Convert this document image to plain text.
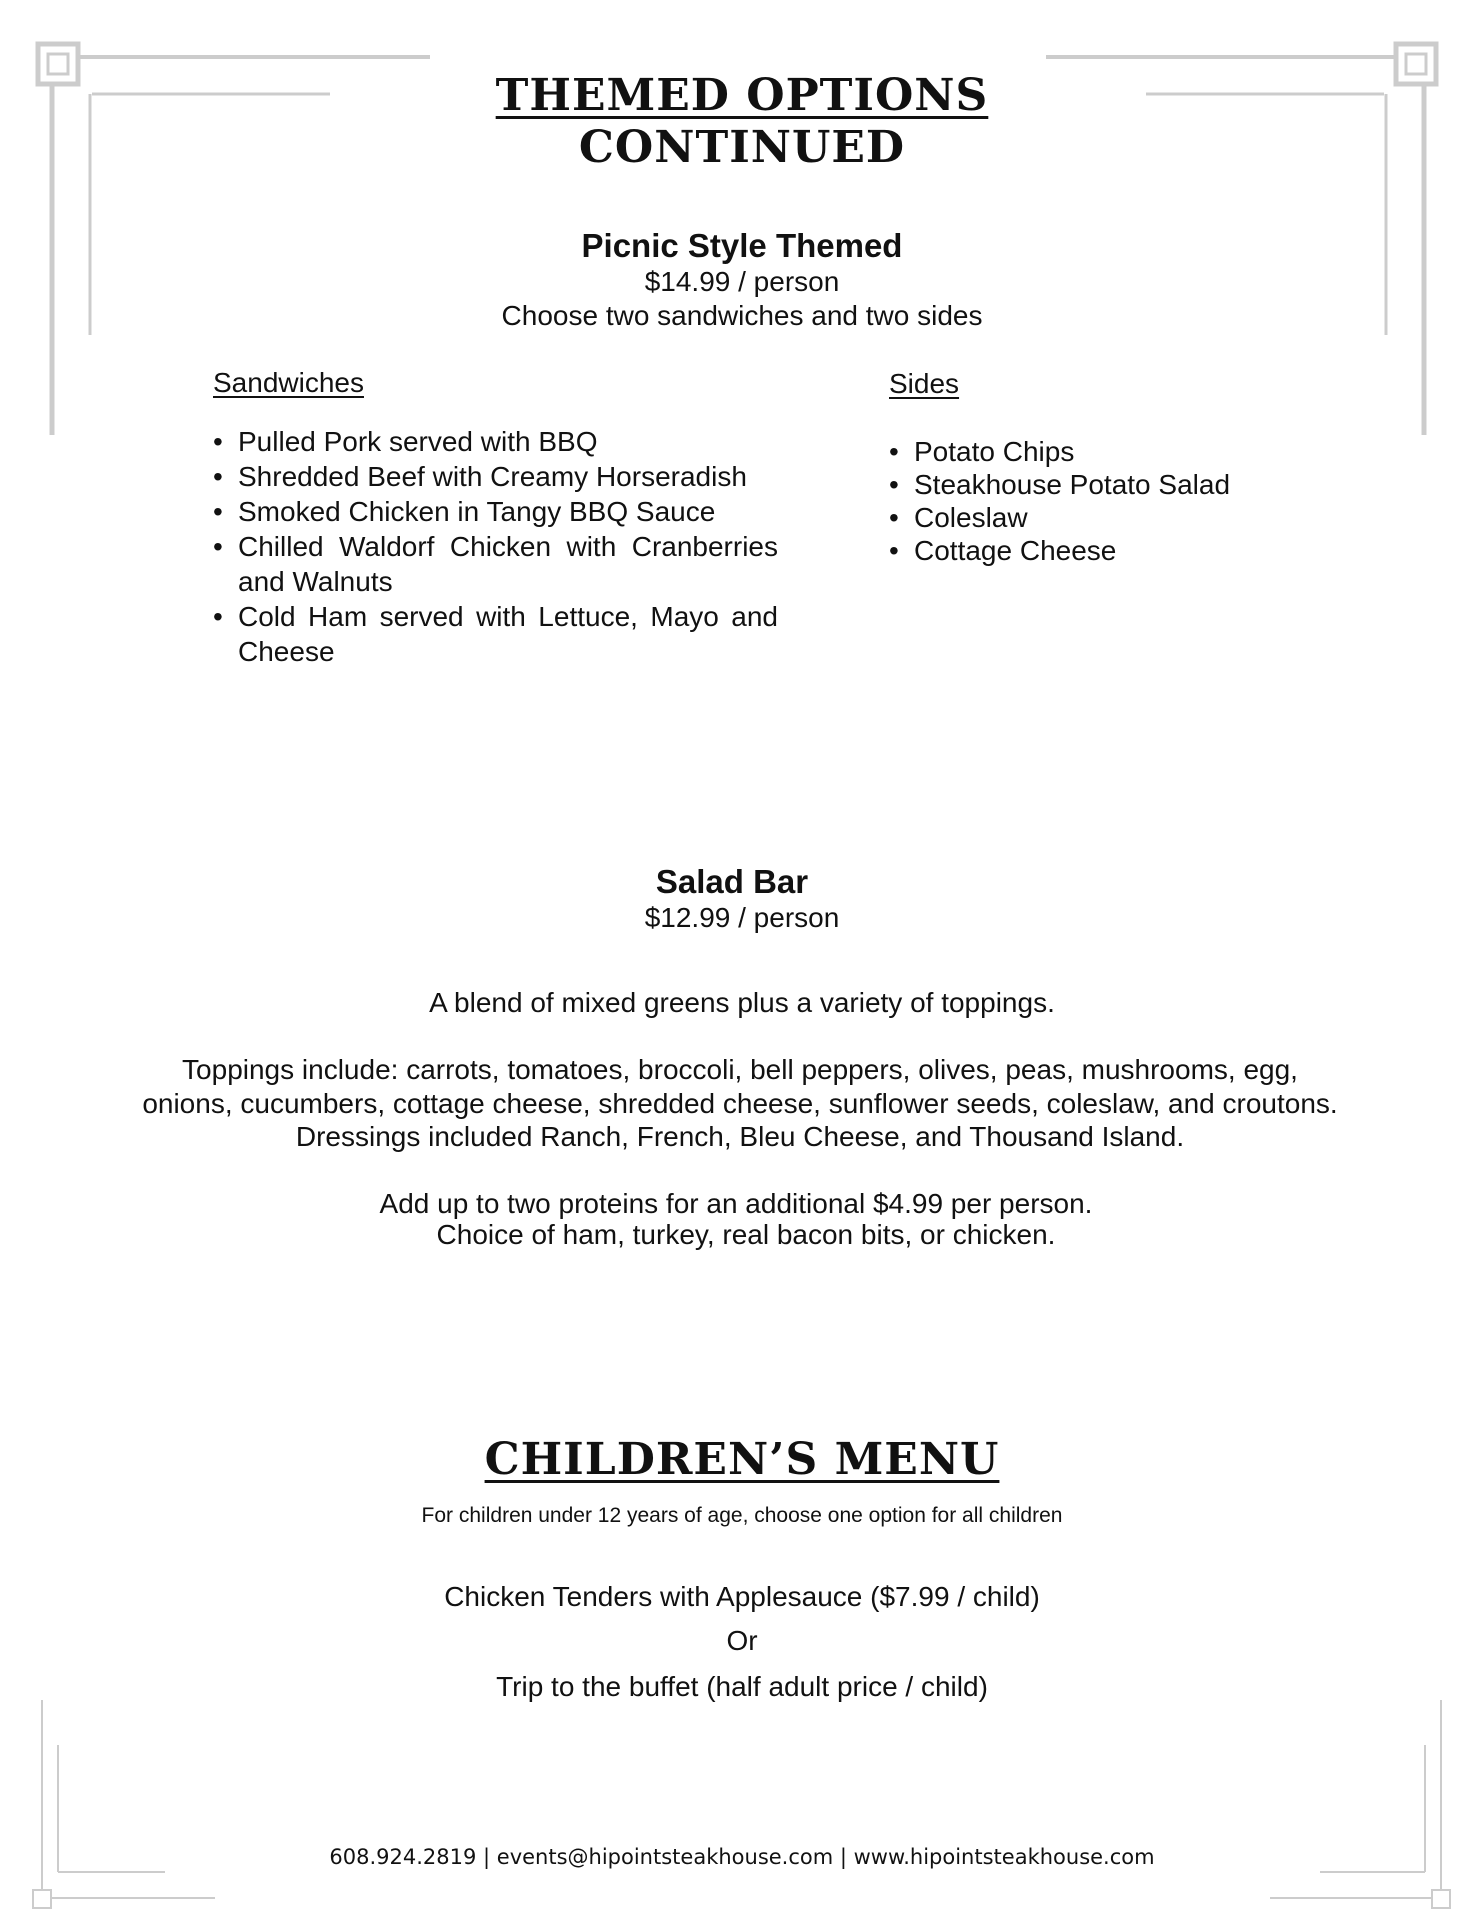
THEMED OPTIONS
CONTINUED
Picnic Style Themed
$14.99 / person
Choose two sandwiches and two sides
Sandwiches
• Pulled Pork served with BBQ
• Shredded Beef with Creamy Horseradish
• Smoked Chicken in Tangy BBQ Sauce
• Chilled Waldorf Chicken with Cranberries and Walnuts
• Cold Ham served with Lettuce, Mayo and Cheese
Sides
• Potato Chips
• Steakhouse Potato Salad
• Coleslaw
• Cottage Cheese
Salad Bar
$12.99 / person
A blend of mixed greens plus a variety of toppings.
Toppings include: carrots, tomatoes, broccoli, bell peppers, olives, peas, mushrooms, egg,
onions, cucumbers, cottage cheese, shredded cheese, sunflower seeds, coleslaw, and croutons.
Dressings included Ranch, French, Bleu Cheese, and Thousand Island.
Add up to two proteins for an additional $4.99 per person.
Choice of ham, turkey, real bacon bits, or chicken.
CHILDREN’S MENU
For children under 12 years of age, choose one option for all children
Chicken Tenders with Applesauce ($7.99 / child)
Or
Trip to the buffet (half adult price / child)
608.924.2819 | events@hipointsteakhouse.com | www.hipointsteakhouse.com
